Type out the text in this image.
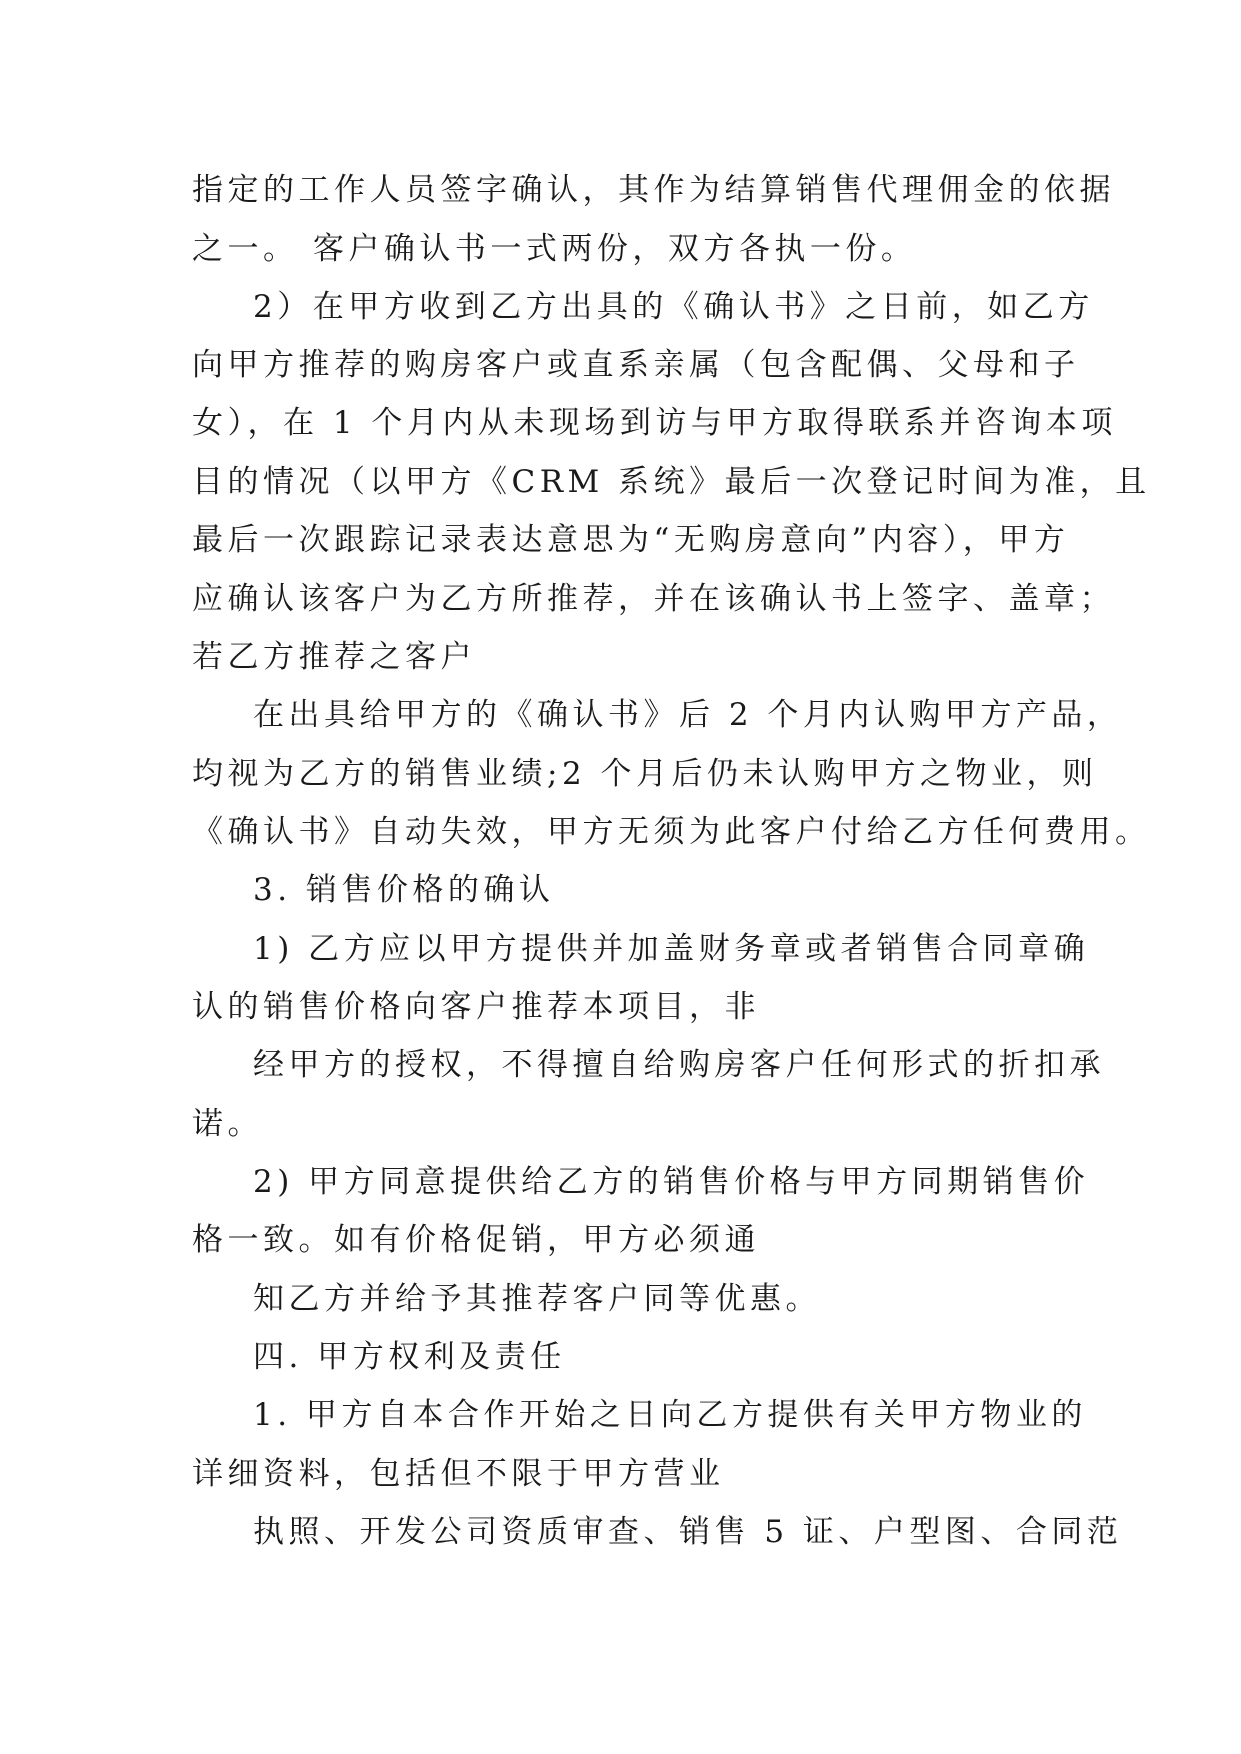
指定的工作人员签字确认，其作为结算销售代理佣金的依据
之一。 客户确认书一式两份，双方各执一份。
2）在甲方收到乙方出具的《确认书》之日前，如乙方
向甲方推荐的购房客户或直系亲属（包含配偶、父母和子
女），在 1 个月内从未现场到访与甲方取得联系并咨询本项
目的情况（以甲方《CRM 系统》最后一次登记时间为准，且
最后一次跟踪记录表达意思为“无购房意向”内容），甲方
应确认该客户为乙方所推荐，并在该确认书上签字、盖章；
若乙方推荐之客户
在出具给甲方的《确认书》后 2 个月内认购甲方产品，
均视为乙方的销售业绩;2 个月后仍未认购甲方之物业，则
《确认书》自动失效，甲方无须为此客户付给乙方任何费用。
3. 销售价格的确认
1) 乙方应以甲方提供并加盖财务章或者销售合同章确
认的销售价格向客户推荐本项目，非
经甲方的授权，不得擅自给购房客户任何形式的折扣承
诺。
2) 甲方同意提供给乙方的销售价格与甲方同期销售价
格一致。如有价格促销，甲方必须通
知乙方并给予其推荐客户同等优惠。
四. 甲方权利及责任
1. 甲方自本合作开始之日向乙方提供有关甲方物业的
详细资料，包括但不限于甲方营业
执照、开发公司资质审查、销售 5 证、户型图、合同范
